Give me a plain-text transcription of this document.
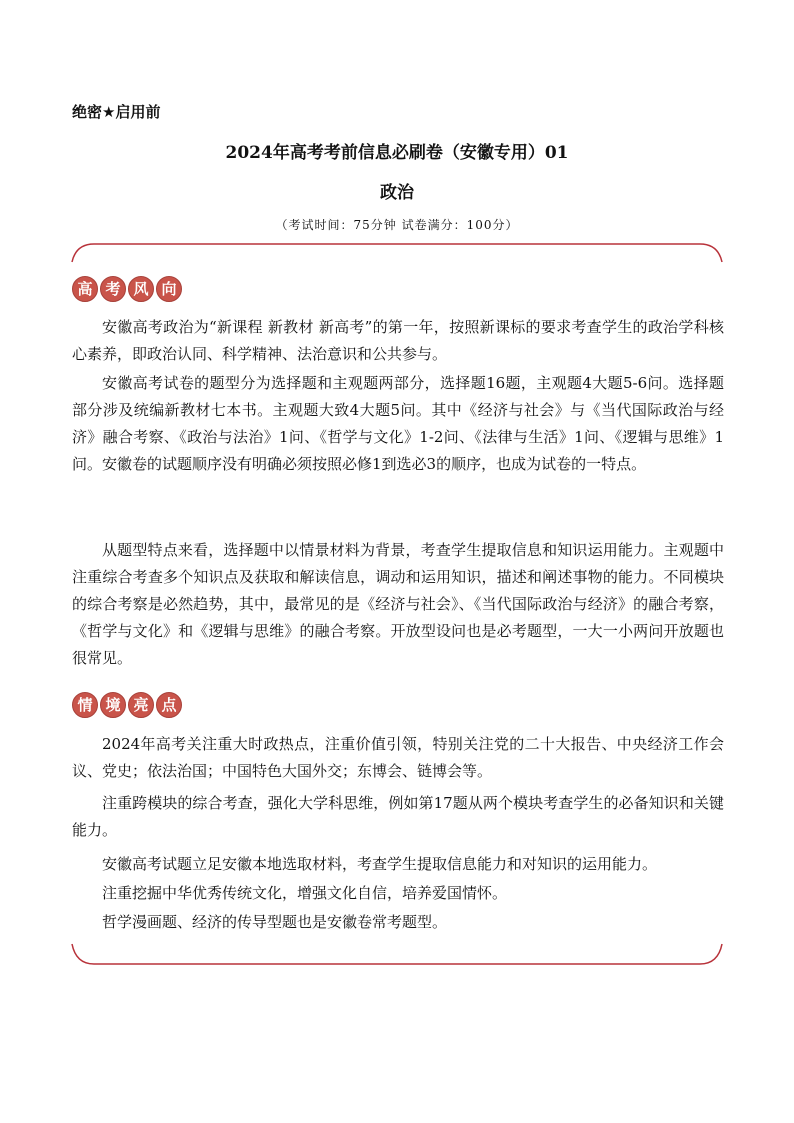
绝密★启用前
2024年高考考前信息必刷卷（安徽专用）01
政治
（考试时间：75分钟 试卷满分：100分）
高 考 风 向

安徽高考政治为“新课程 新教材 新高考”的第一年，按照新课标的要求考查学生的政治学科核心素养，即政治认同、科学精神、法治意识和公共参与。

安徽高考试卷的题型分为选择题和主观题两部分，选择题16题，主观题4大题5-6问。选择题部分涉及统编新教材七本书。主观题大致4大题5问。其中《经济与社会》与《当代国际政治与经济》融合考察、《政治与法治》1问、《哲学与文化》1-2问、《法律与生活》1问、《逻辑与思维》1问。安徽卷的试题顺序没有明确必须按照必修1到选必3的顺序，也成为试卷的一特点。

从题型特点来看，选择题中以情景材料为背景，考查学生提取信息和知识运用能力。主观题中注重综合考查多个知识点及获取和解读信息，调动和运用知识，描述和阐述事物的能力。不同模块的综合考察是必然趋势，其中，最常见的是《经济与社会》、《当代国际政治与经济》的融合考察，《哲学与文化》和《逻辑与思维》的融合考察。开放型设问也是必考题型，一大一小两问开放题也很常见。

情 境 亮 点

2024年高考关注重大时政热点，注重价值引领，特别关注党的二十大报告、中央经济工作会议、党史；依法治国；中国特色大国外交；东博会、链博会等。

注重跨模块的综合考查，强化大学科思维，例如第17题从两个模块考查学生的必备知识和关键能力。

安徽高考试题立足安徽本地选取材料，考查学生提取信息能力和对知识的运用能力。

注重挖掘中华优秀传统文化，增强文化自信，培养爱国情怀。

哲学漫画题、经济的传导型题也是安徽卷常考题型。
